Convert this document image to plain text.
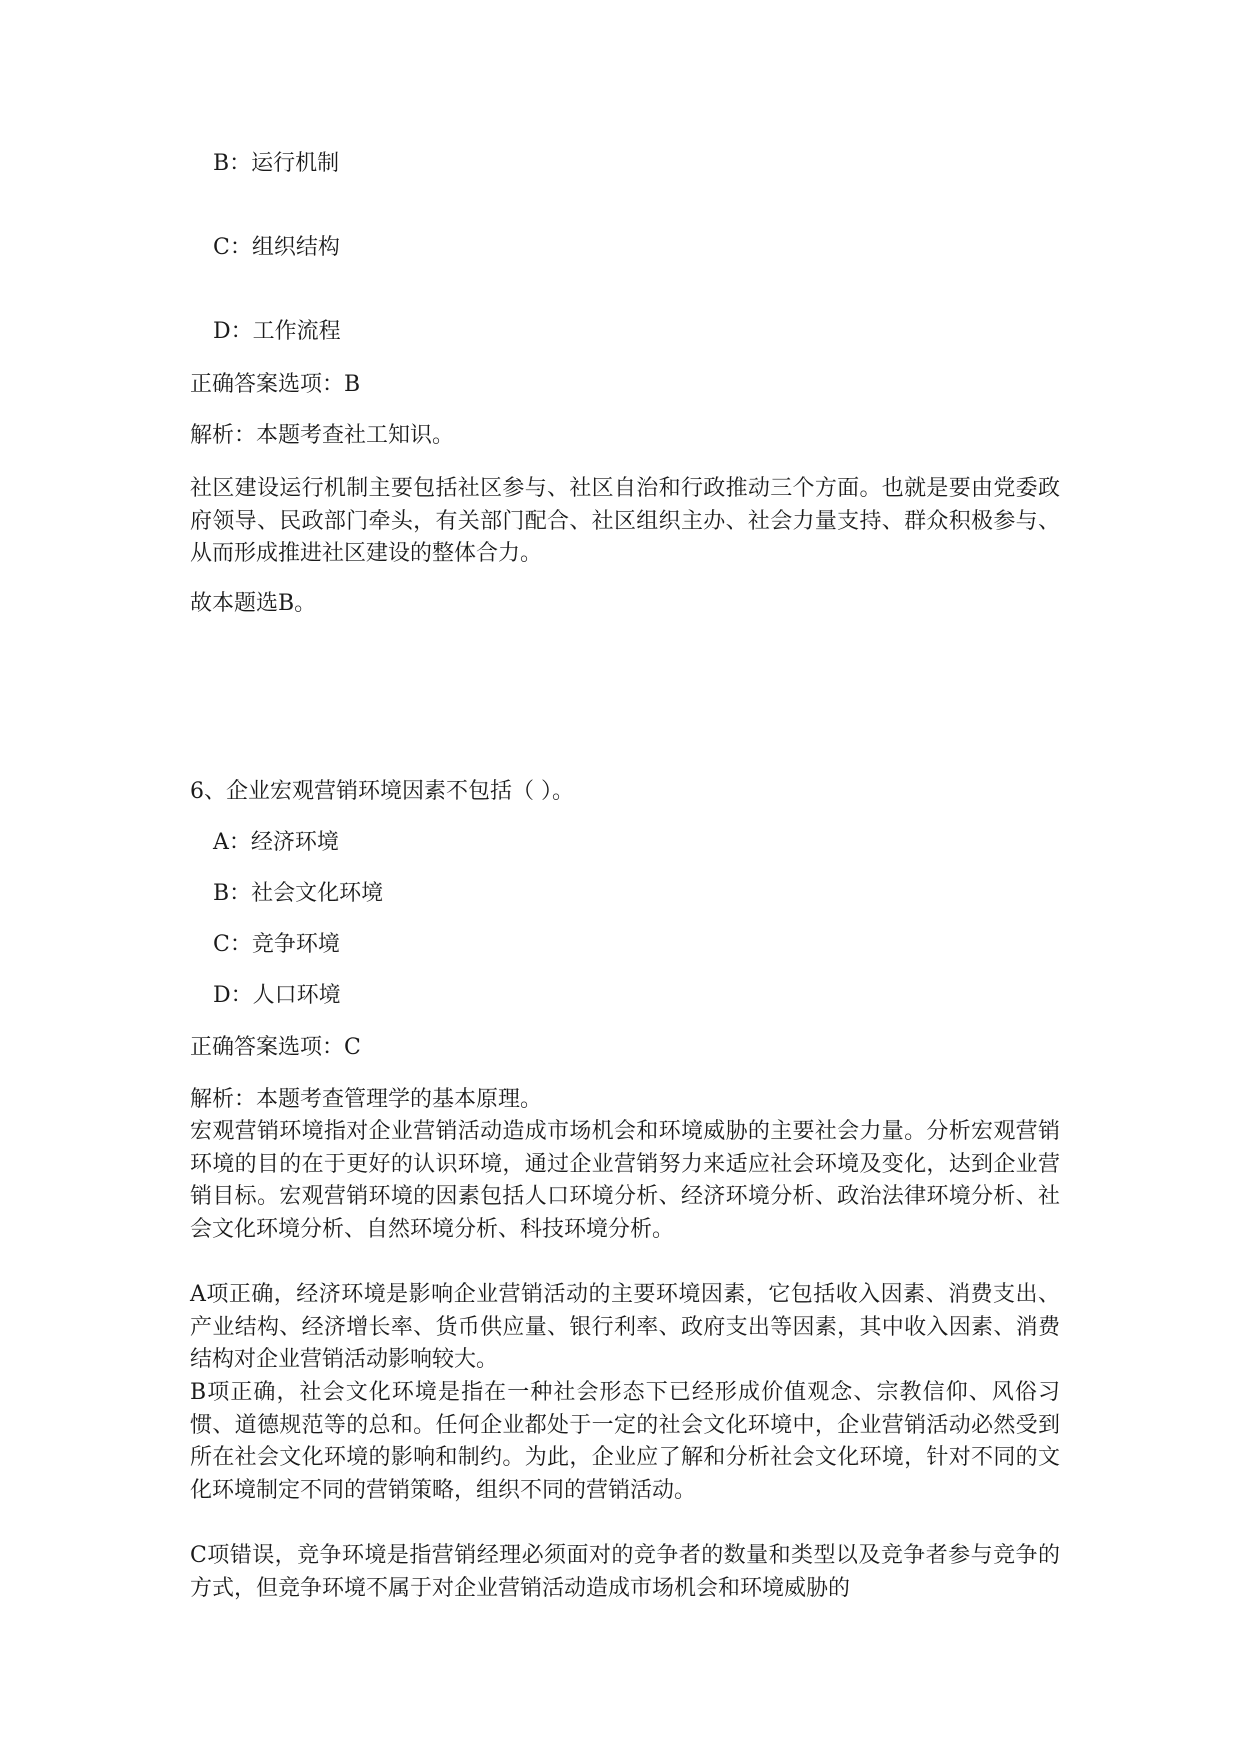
B：运行机制
C：组织结构
D：工作流程
正确答案选项：B
解析：本题考查社工知识。
社区建设运行机制主要包括社区参与、社区自治和行政推动三个方面。也就是要由党委政府领导、民政部门牵头，有关部门配合、社区组织主办、社会力量支持、群众积极参与、从而形成推进社区建设的整体合力。
故本题选B。
6、企业宏观营销环境因素不包括（ ）。
A：经济环境
B：社会文化环境
C：竞争环境
D：人口环境
正确答案选项：C
解析：本题考查管理学的基本原理。
宏观营销环境指对企业营销活动造成市场机会和环境威胁的主要社会力量。分析宏观营销环境的目的在于更好的认识环境，通过企业营销努力来适应社会环境及变化，达到企业营销目标。宏观营销环境的因素包括人口环境分析、经济环境分析、政治法律环境分析、社会文化环境分析、自然环境分析、科技环境分析。
A项正确，经济环境是影响企业营销活动的主要环境因素，它包括收入因素、消费支出、产业结构、经济增长率、货币供应量、银行利率、政府支出等因素，其中收入因素、消费结构对企业营销活动影响较大。
B项正确，社会文化环境是指在一种社会形态下已经形成价值观念、宗教信仰、风俗习惯、道德规范等的总和。任何企业都处于一定的社会文化环境中，企业营销活动必然受到所在社会文化环境的影响和制约。为此，企业应了解和分析社会文化环境，针对不同的文化环境制定不同的营销策略，组织不同的营销活动。
C项错误，竞争环境是指营销经理必须面对的竞争者的数量和类型以及竞争者参与竞争的方式，但竞争环境不属于对企业营销活动造成市场机会和环境威胁的
